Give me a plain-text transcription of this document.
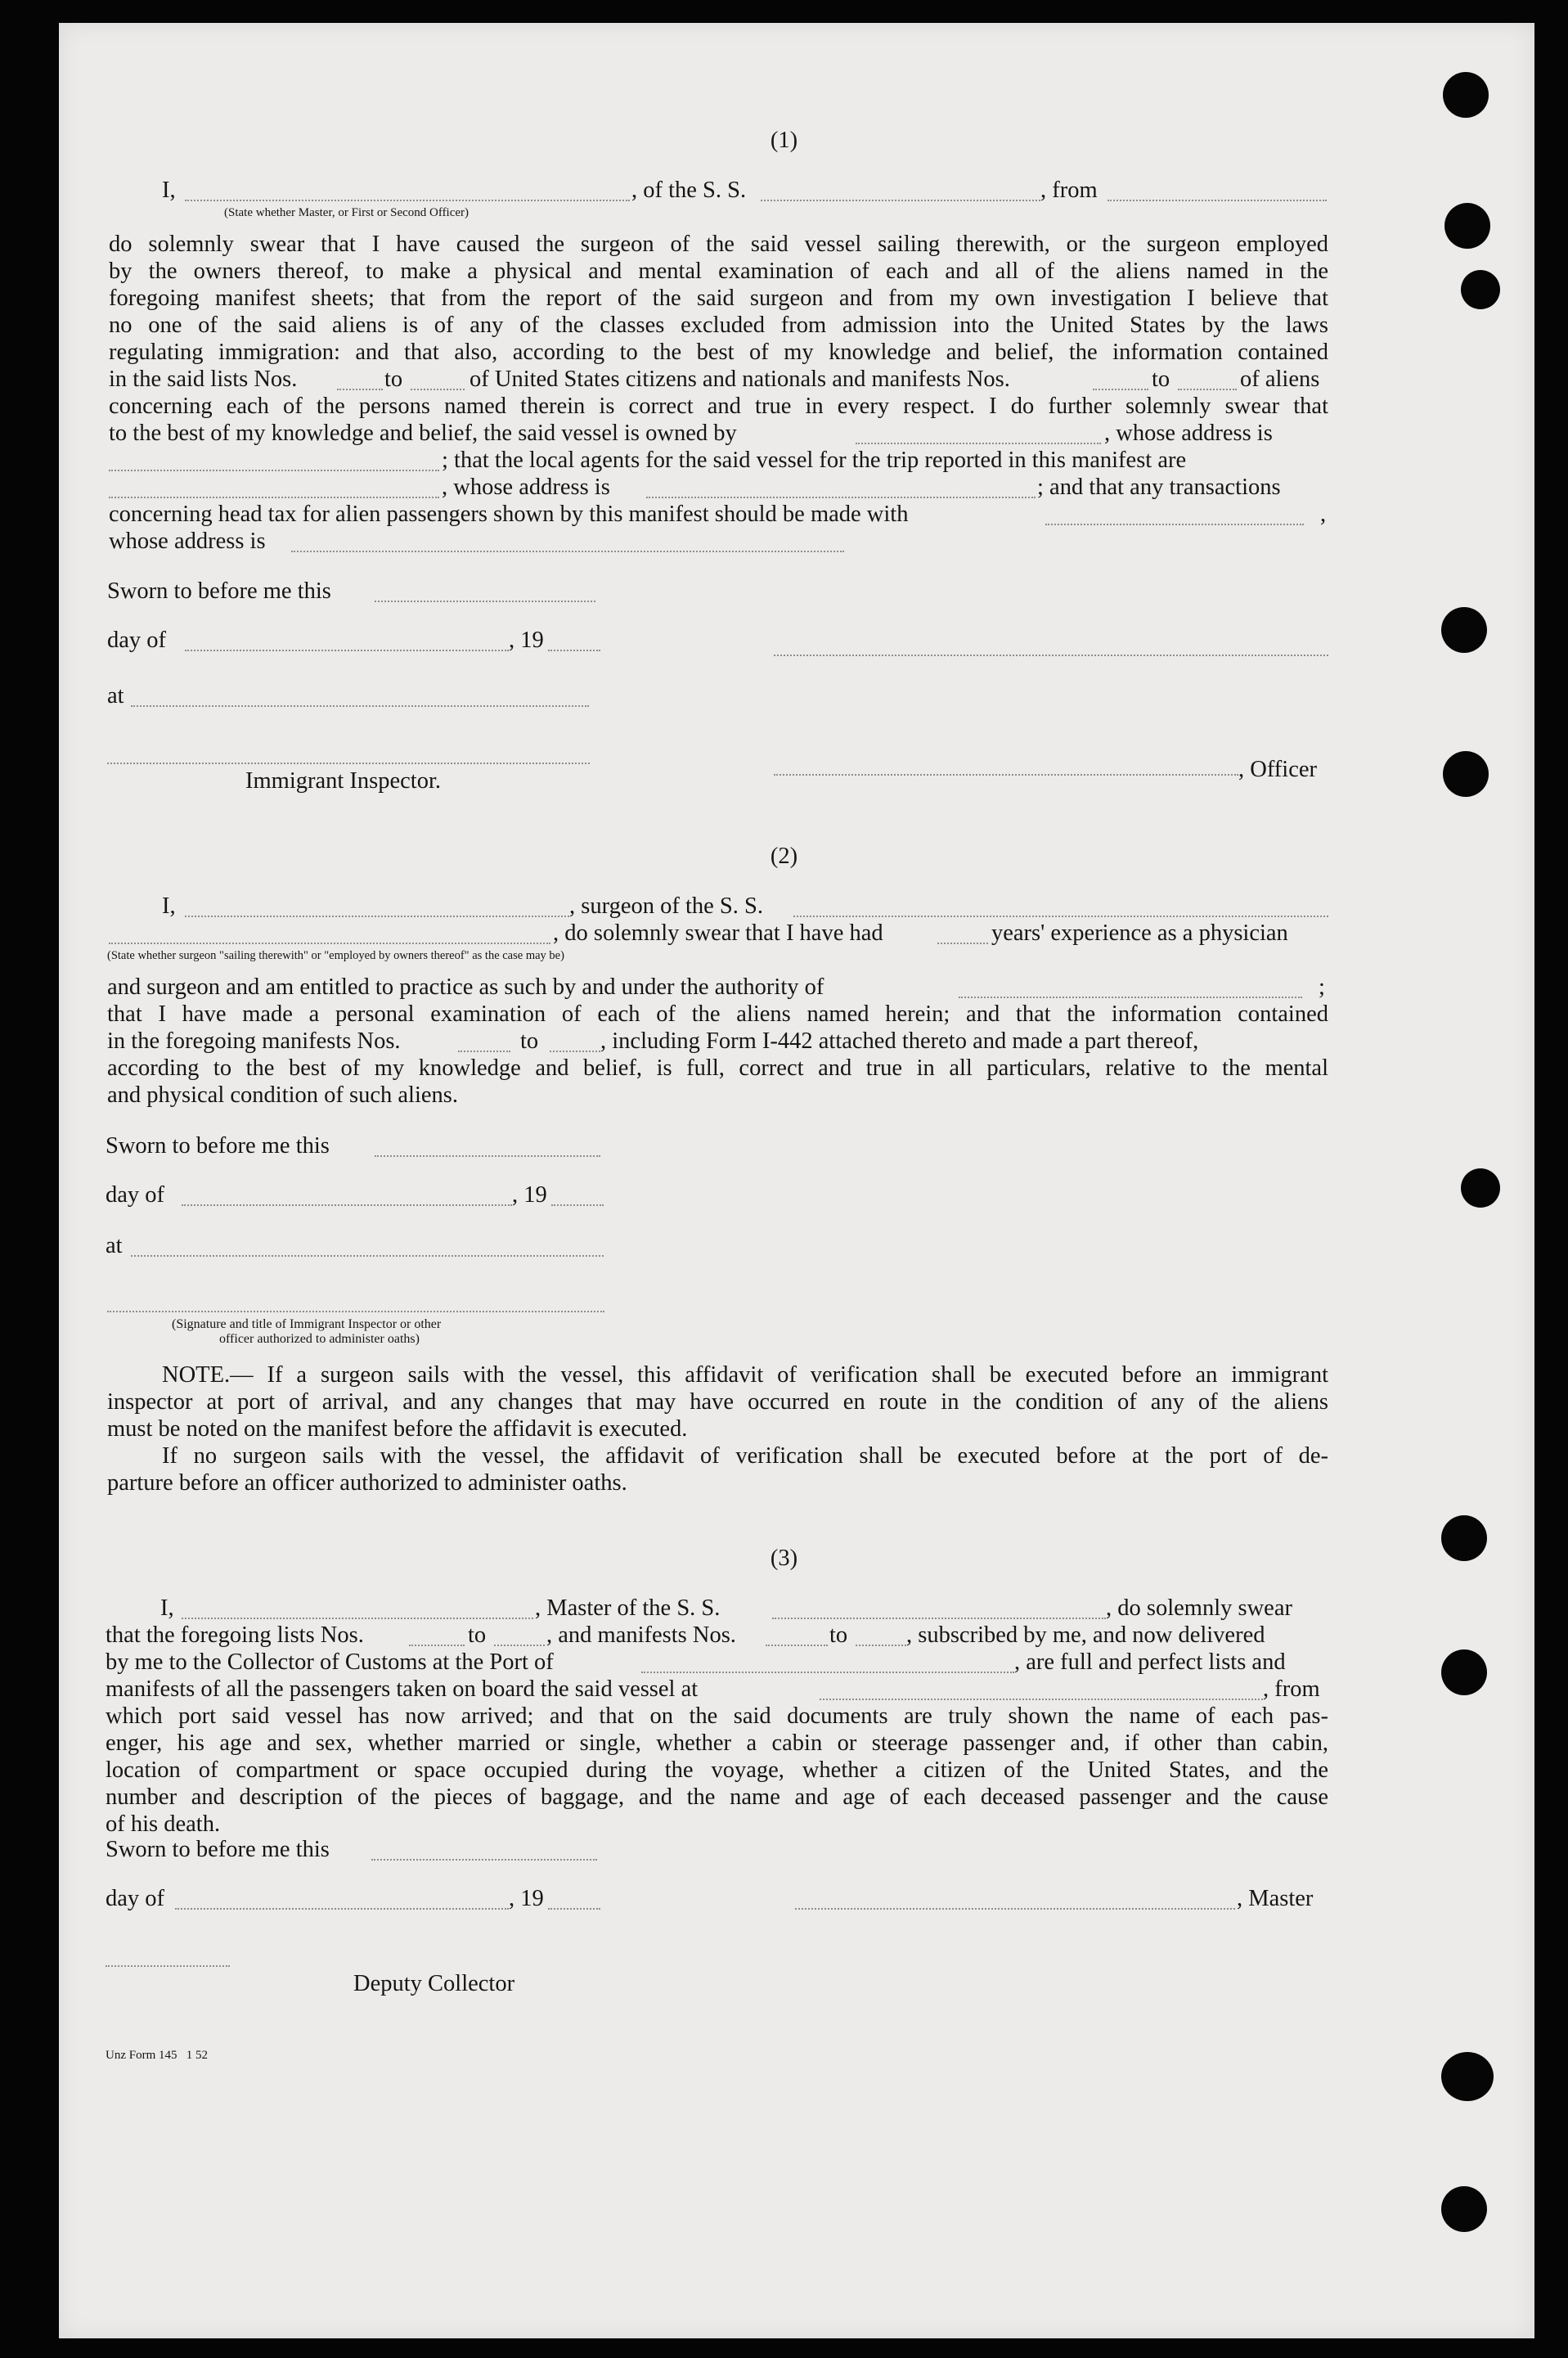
(1)
I,	, of the S. S.	, from
(State whether Master, or First or Second Officer)
do solemnly swear that I have caused the surgeon of the said vessel sailing therewith, or the surgeon employed
by the owners thereof, to make a physical and mental examination of each and all of the aliens named in the
foregoing manifest sheets; that from the report of the said surgeon and from my own investigation I believe that
no one of the said aliens is of any of the classes excluded from admission into the United States by the laws
regulating immigration: and that also, according to the best of my knowledge and belief, the information contained
in the said lists Nos.	to	of United States citizens and nationals and manifests Nos.	to	of aliens
concerning each of the persons named therein is correct and true in every respect. I do further solemnly swear that
to the best of my knowledge and belief, the said vessel is owned by	, whose address is
; that the local agents for the said vessel for the trip reported in this manifest are
, whose address is	; and that any transactions
concerning head tax for alien passengers shown by this manifest should be made with	,
whose address is
Sworn to before me this
day of	, 19
at
Immigrant Inspector.	, Officer
(2)
I,	, surgeon of the S. S.
, do solemnly swear that I have had	years' experience as a physician
(State whether surgeon "sailing therewith" or "employed by owners thereof" as the case may be)
and surgeon and am entitled to practice as such by and under the authority of	;
that I have made a personal examination of each of the aliens named herein; and that the information contained
in the foregoing manifests Nos.	to	, including Form I-442 attached thereto and made a part thereof,
according to the best of my knowledge and belief, is full, correct and true in all particulars, relative to the mental
and physical condition of such aliens.
Sworn to before me this
day of	, 19
at
(Signature and title of Immigrant Inspector or other
officer authorized to administer oaths)
NOTE.— If a surgeon sails with the vessel, this affidavit of verification shall be executed before an immigrant
inspector at port of arrival, and any changes that may have occurred en route in the condition of any of the aliens
must be noted on the manifest before the affidavit is executed.
If no surgeon sails with the vessel, the affidavit of verification shall be executed before at the port of de-
parture before an officer authorized to administer oaths.
(3)
I,	, Master of the S. S.	, do solemnly swear
that the foregoing lists Nos.	to	, and manifests Nos.	to	, subscribed by me, and now delivered
by me to the Collector of Customs at the Port of	, are full and perfect lists and
manifests of all the passengers taken on board the said vessel at	, from
which port said vessel has now arrived; and that on the said documents are truly shown the name of each pas-
enger, his age and sex, whether married or single, whether a cabin or steerage passenger and, if other than cabin,
location of compartment or space occupied during the voyage, whether a citizen of the United States, and the
number and description of the pieces of baggage, and the name and age of each deceased passenger and the cause
of his death.
Sworn to before me this
day of	, 19	, Master
Deputy Collector
Unz Form 145   1 52
